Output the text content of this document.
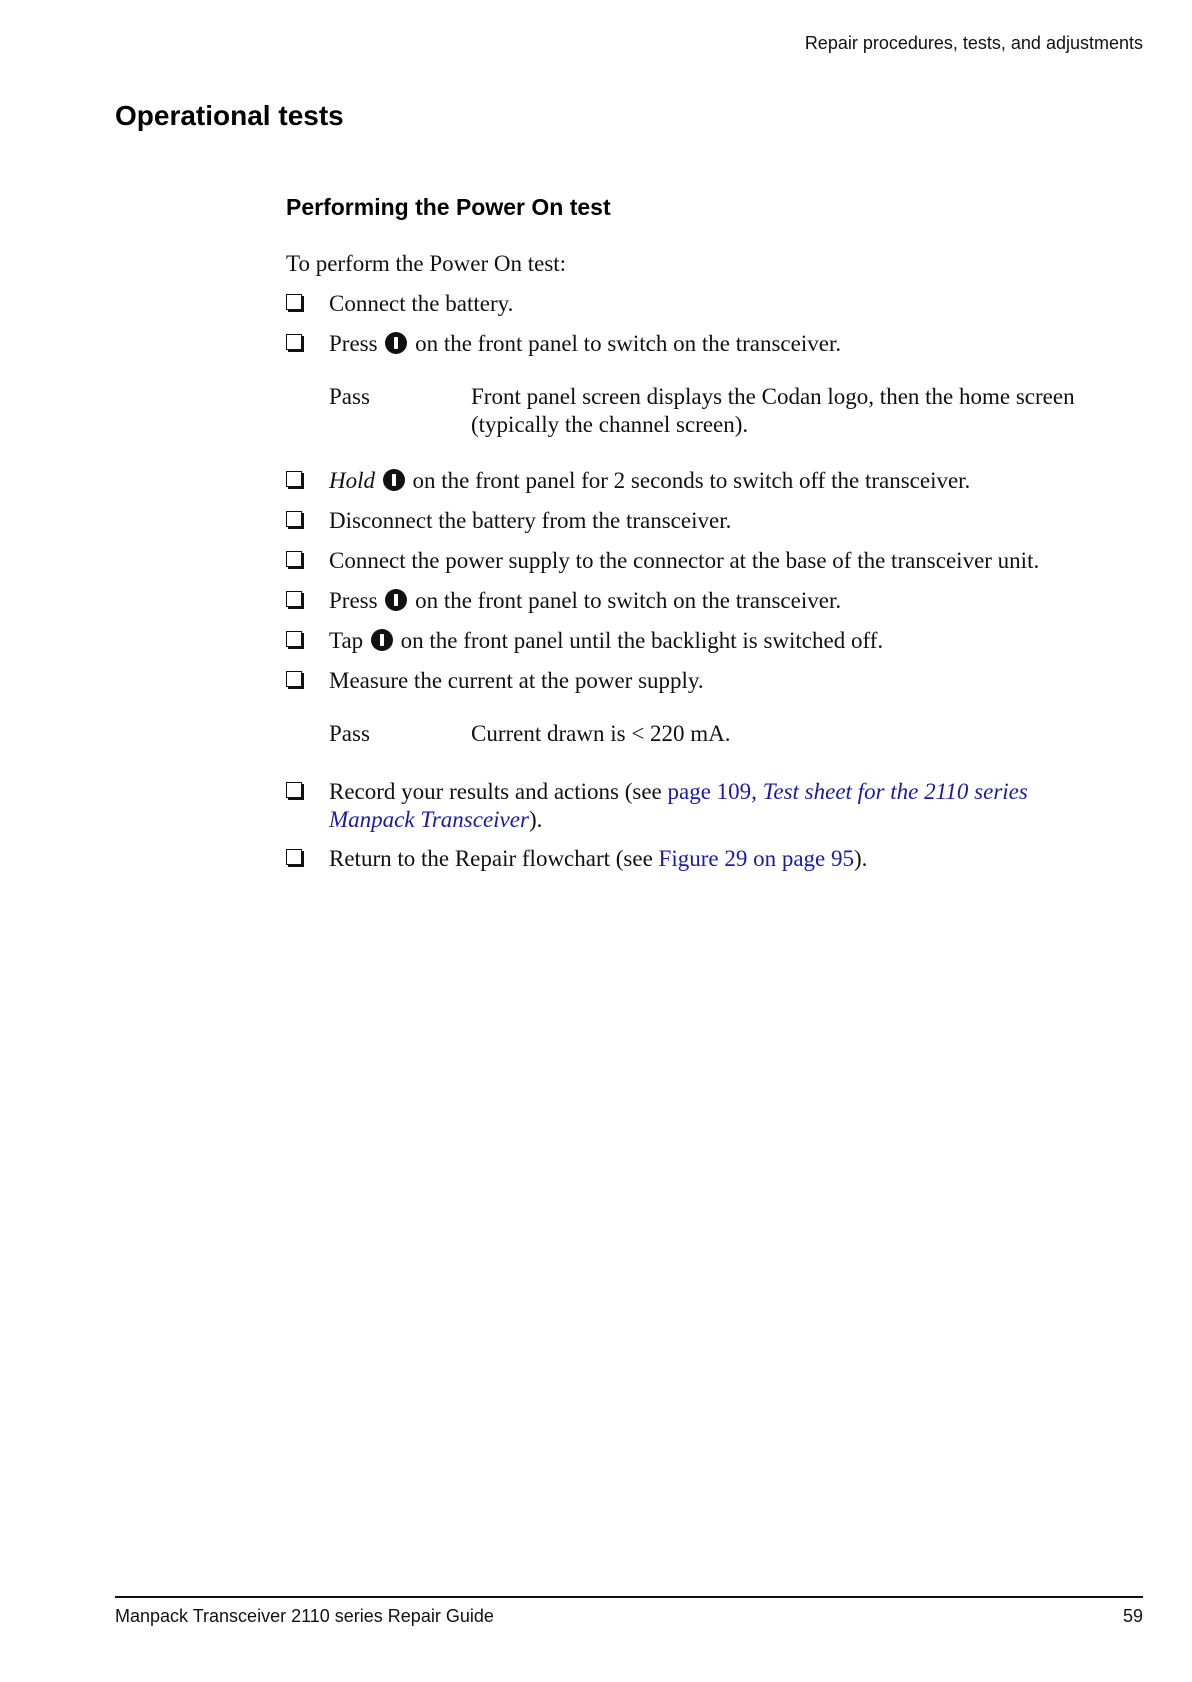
Repair procedures, tests, and adjustments
Operational tests
Performing the Power On test
To perform the Power On test:
Connect the battery.
Press on the front panel to switch on the transceiver.
Pass	Front panel screen displays the Codan logo, then the home screen (typically the channel screen).
Hold on the front panel for 2 seconds to switch off the transceiver.
Disconnect the battery from the transceiver.
Connect the power supply to the connector at the base of the transceiver unit.
Press on the front panel to switch on the transceiver.
Tap on the front panel until the backlight is switched off.
Measure the current at the power supply.
Pass	Current drawn is < 220 mA.
Record your results and actions (see page 109, Test sheet for the 2110 series Manpack Transceiver).
Return to the Repair flowchart (see Figure 29 on page 95).
Manpack Transceiver 2110 series Repair Guide	59
